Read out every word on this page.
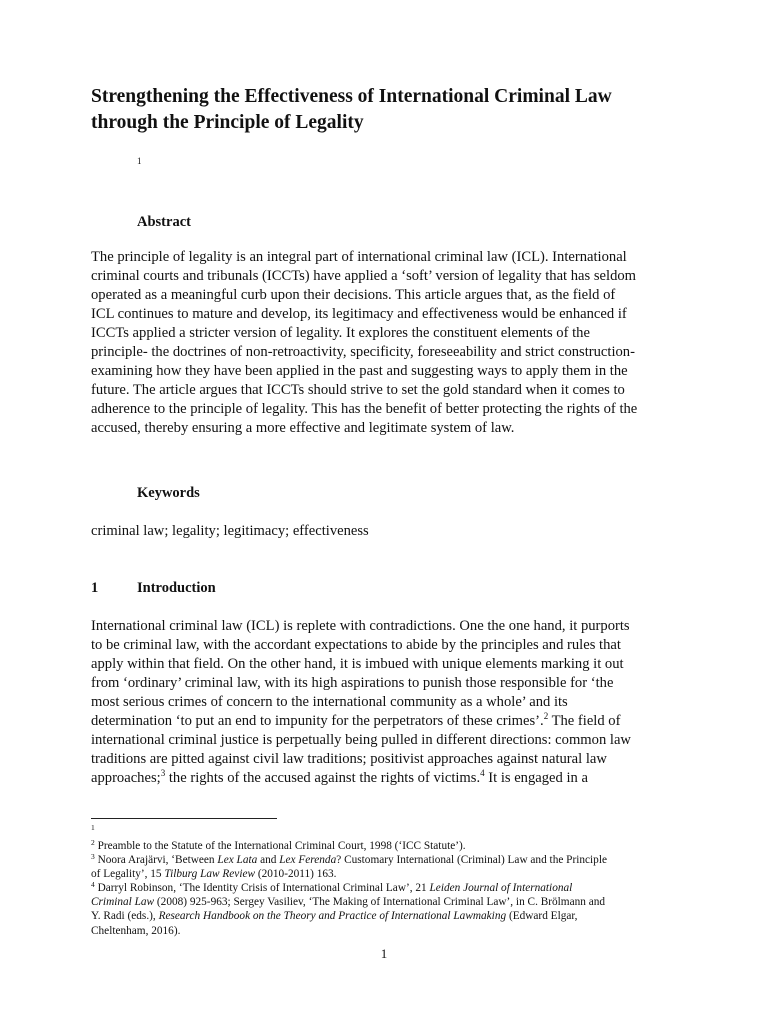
Strengthening the Effectiveness of International Criminal Law
through the Principle of Legality
1
Abstract
The principle of legality is an integral part of international criminal law (ICL). International
criminal courts and tribunals (ICCTs) have applied a ‘soft’ version of legality that has seldom
operated as a meaningful curb upon their decisions. This article argues that, as the field of
ICL continues to mature and develop, its legitimacy and effectiveness would be enhanced if
ICCTs applied a stricter version of legality. It explores the constituent elements of the
principle- the doctrines of non-retroactivity, specificity, foreseeability and strict construction-
examining how they have been applied in the past and suggesting ways to apply them in the
future. The article argues that ICCTs should strive to set the gold standard when it comes to
adherence to the principle of legality. This has the benefit of better protecting the rights of the
accused, thereby ensuring a more effective and legitimate system of law.
Keywords

criminal law; legality; legitimacy; effectiveness

1	Introduction
International criminal law (ICL) is replete with contradictions. One the one hand, it purports
to be criminal law, with the accordant expectations to abide by the principles and rules that
apply within that field. On the other hand, it is imbued with unique elements marking it out
from ‘ordinary’ criminal law, with its high aspirations to punish those responsible for ‘the
most serious crimes of concern to the international community as a whole’ and its
determination ‘to put an end to impunity for the perpetrators of these crimes’.$^2$ The field of
international criminal justice is perpetually being pulled in different directions: common law
traditions are pitted against civil law traditions; positivist approaches against natural law
approaches;$^3$ the rights of the accused against the rights of victims.$^4$ It is engaged in a
$^1$
$^2$ Preamble to the Statute of the International Criminal Court, 1998 (‘ICC Statute’).
$^3$ Noora Arajärvi, ‘Between Lex Lata and Lex Ferenda? Customary International (Criminal) Law and the Principle
of Legality’, 15 Tilburg Law Review (2010-2011) 163.
$^4$ Darryl Robinson, ‘The Identity Crisis of International Criminal Law’, 21 Leiden Journal of International
Criminal Law (2008) 925-963; Sergey Vasiliev, ‘The Making of International Criminal Law’, in C. Brölmann and
Y. Radi (eds.), Research Handbook on the Theory and Practice of International Lawmaking (Edward Elgar,
Cheltenham, 2016).
1
